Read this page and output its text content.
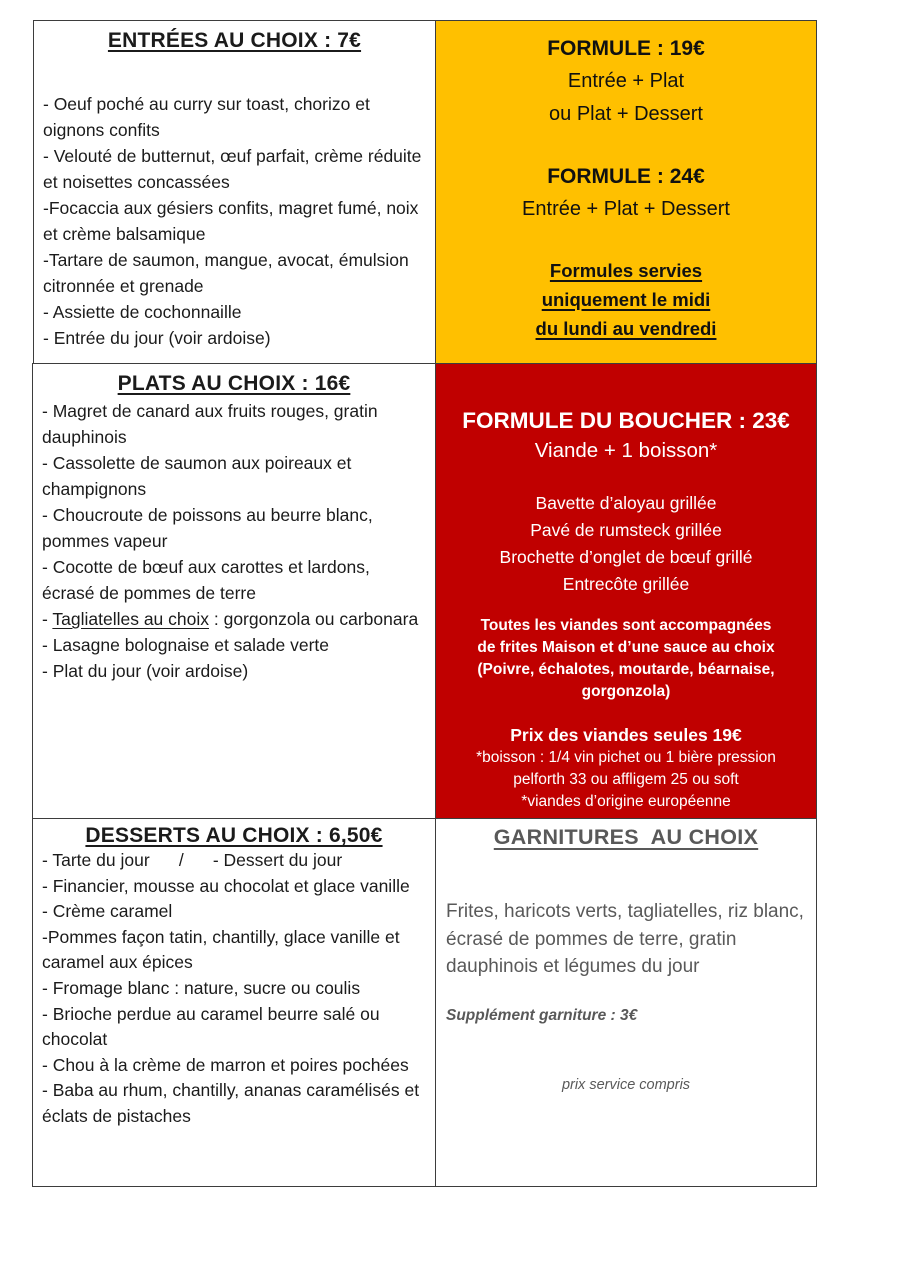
ENTRÉES AU CHOIX : 7€
- Oeuf poché au curry sur toast, chorizo et oignons confits
- Velouté de butternut, œuf parfait, crème réduite et noisettes concassées
-Focaccia aux gésiers confits, magret fumé, noix et crème balsamique
-Tartare de saumon, mangue, avocat, émulsion citronnée et grenade
- Assiette de cochonnaille
- Entrée du jour (voir ardoise)
FORMULE : 19€
Entrée + Plat
ou Plat + Dessert
FORMULE : 24€
Entrée + Plat + Dessert
Formules servies
uniquement le midi
du lundi au vendredi
PLATS AU CHOIX : 16€
- Magret de canard aux fruits rouges, gratin dauphinois
- Cassolette de saumon aux poireaux et champignons
- Choucroute de poissons au beurre blanc, pommes vapeur
- Cocotte de bœuf aux carottes et lardons, écrasé de pommes de terre
- Tagliatelles au choix : gorgonzola ou carbonara
- Lasagne bolognaise et salade verte
- Plat du jour (voir ardoise)
FORMULE DU BOUCHER : 23€
Viande + 1 boisson*
Bavette d’aloyau grillée
Pavé de rumsteck grillée
Brochette d’onglet de bœuf grillé
Entrecôte grillée
Toutes les viandes sont accompagnées
de frites Maison et d’une sauce au choix
(Poivre, échalotes, moutarde, béarnaise,
gorgonzola)
Prix des viandes seules 19€
*boisson : 1/4 vin pichet ou 1 bière pression
pelforth 33 ou affligem 25 ou soft
*viandes d’origine européenne
DESSERTS AU CHOIX : 6,50€
- Tarte du jour      /      - Dessert du jour
- Financier, mousse au chocolat et glace vanille
- Crème caramel
-Pommes façon tatin, chantilly, glace vanille et caramel aux épices
- Fromage blanc : nature, sucre ou coulis
- Brioche perdue au caramel beurre salé ou chocolat
- Chou à la crème de marron et poires pochées
- Baba au rhum, chantilly, ananas caramélisés et éclats de pistaches
GARNITURES  AU CHOIX
Frites, haricots verts, tagliatelles, riz blanc, écrasé de pommes de terre, gratin dauphinois et légumes du jour
Supplément garniture : 3€
prix service compris
